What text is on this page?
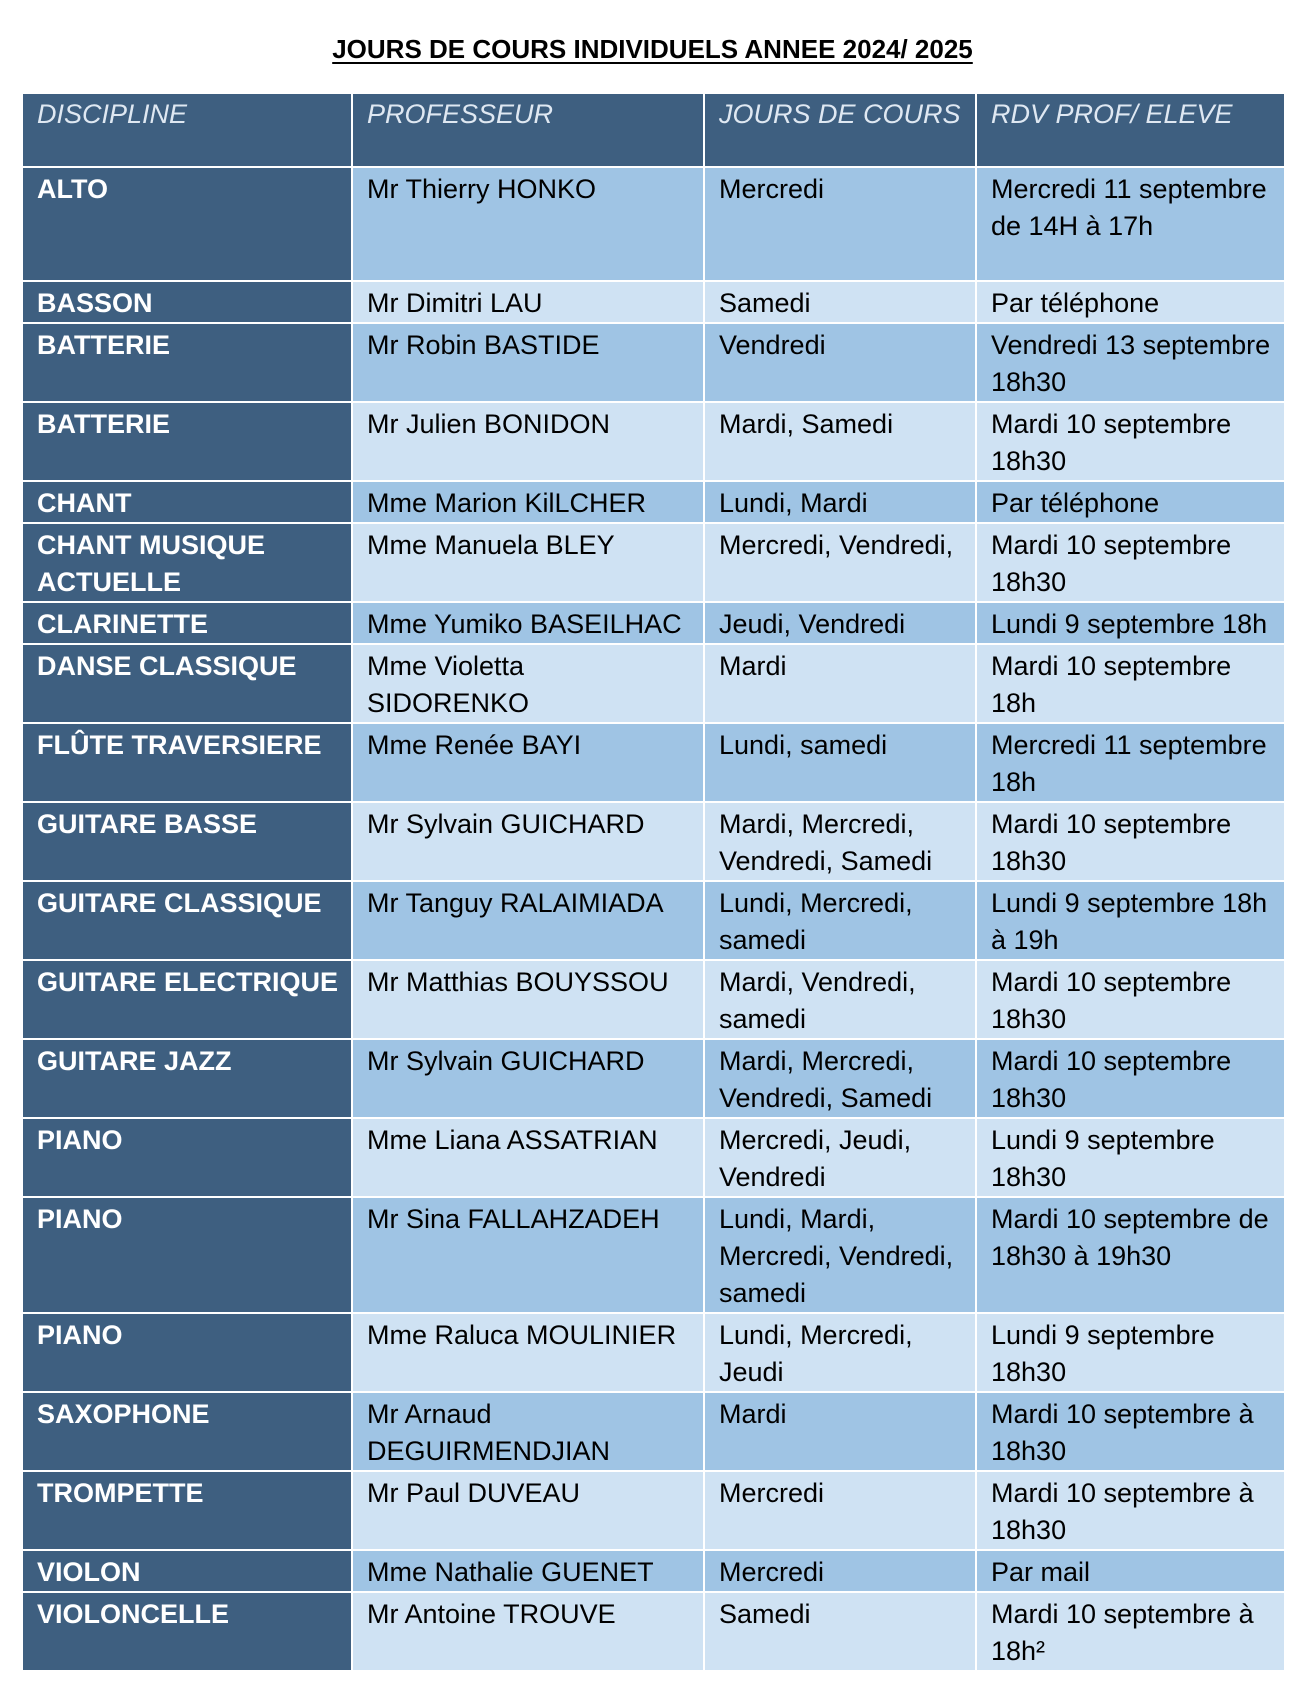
JOURS DE COURS INDIVIDUELS ANNEE 2024/ 2025
DISCIPLINE	PROFESSEUR	JOURS DE COURS	RDV PROF/ ELEVE
ALTO	Mr Thierry HONKO	Mercredi	Mercredi 11 septembre de 14H à 17h
BASSON	Mr Dimitri LAU	Samedi	Par téléphone
BATTERIE	Mr Robin BASTIDE	Vendredi	Vendredi 13 septembre 18h30
BATTERIE	Mr Julien BONIDON	Mardi, Samedi	Mardi 10 septembre 18h30
CHANT	Mme Marion KilLCHER	Lundi, Mardi	Par téléphone
CHANT MUSIQUE ACTUELLE	Mme Manuela BLEY	Mercredi, Vendredi,	Mardi 10 septembre 18h30
CLARINETTE	Mme Yumiko BASEILHAC	Jeudi, Vendredi	Lundi 9 septembre 18h
DANSE CLASSIQUE	Mme Violetta SIDORENKO	Mardi	Mardi 10 septembre 18h
FLÛTE TRAVERSIERE	Mme Renée BAYI	Lundi, samedi	Mercredi 11 septembre 18h
GUITARE BASSE	Mr Sylvain GUICHARD	Mardi, Mercredi, Vendredi, Samedi	Mardi 10 septembre 18h30
GUITARE CLASSIQUE	Mr Tanguy RALAIMIADA	Lundi, Mercredi, samedi	Lundi 9 septembre 18h à 19h
GUITARE ELECTRIQUE	Mr Matthias BOUYSSOU	Mardi, Vendredi, samedi	Mardi 10 septembre 18h30
GUITARE JAZZ	Mr Sylvain GUICHARD	Mardi, Mercredi, Vendredi, Samedi	Mardi 10 septembre 18h30
PIANO	Mme Liana ASSATRIAN	Mercredi, Jeudi, Vendredi	Lundi 9 septembre 18h30
PIANO	Mr Sina FALLAHZADEH	Lundi, Mardi, Mercredi, Vendredi, samedi	Mardi 10 septembre de 18h30 à 19h30
PIANO	Mme Raluca MOULINIER	Lundi, Mercredi, Jeudi	Lundi 9 septembre 18h30
SAXOPHONE	Mr Arnaud DEGUIRMENDJIAN	Mardi	Mardi 10 septembre à 18h30
TROMPETTE	Mr Paul DUVEAU	Mercredi	Mardi 10 septembre à 18h30
VIOLON	Mme Nathalie GUENET	Mercredi	Par mail
VIOLONCELLE	Mr Antoine TROUVE	Samedi	Mardi 10 septembre à 18h²
